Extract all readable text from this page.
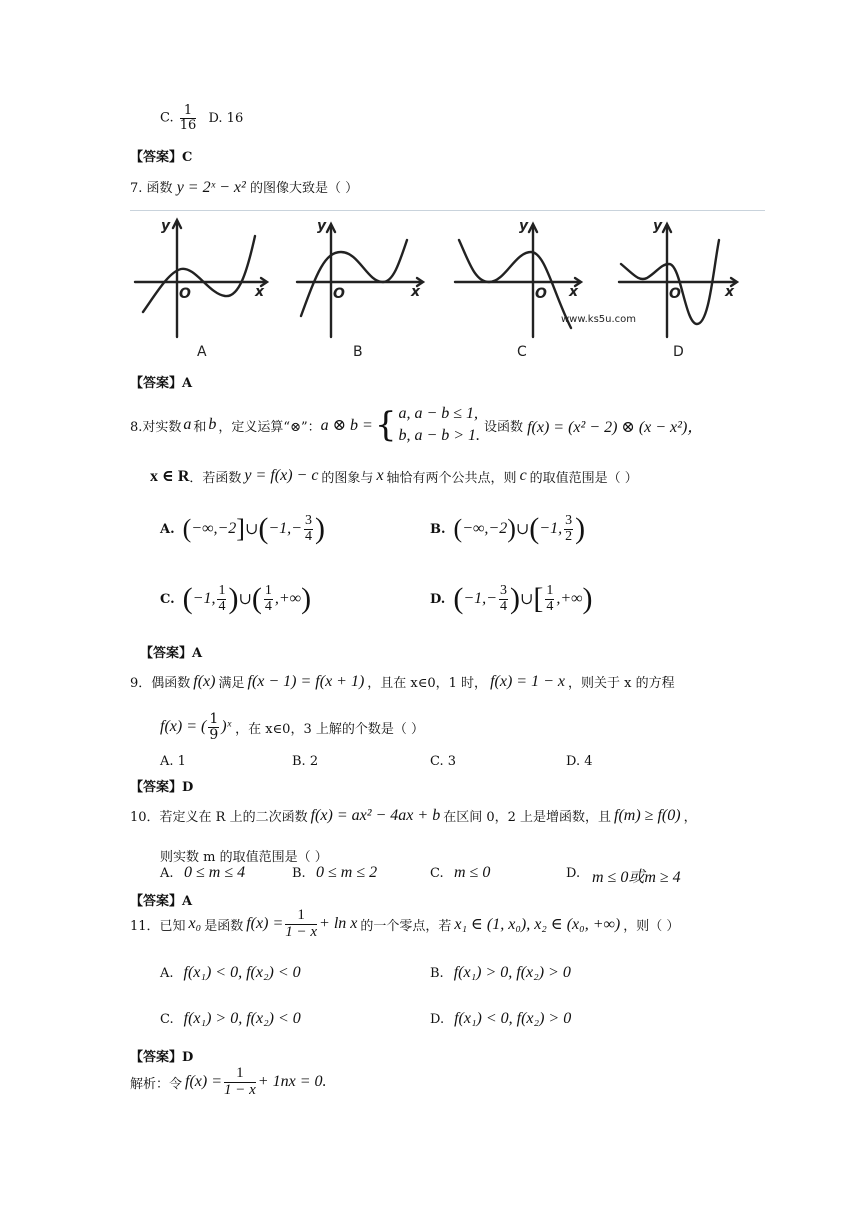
C. $\frac{1}{16} D$. 16
【答案】C
7. 函数 y = 2ˣ − x² 的图像大致是（ ）
y
x
O
y
x
O
y
x
O
y
x
O
www.ks5u.com
A	B	C	D
【答案】A
8.对实数 a 和 b ，定义运算“⊗”： a ⊗ b = { a, a − b ≤ 1,
b, a − b > 1. 设函数 f(x) = (x² − 2) ⊗ (x − x²)，
x ∈ R ．若函数 y = f(x) − c 的图象与 x 轴恰有两个公共点，则 c 的取值范围是（ ）
A. ( −∞,−2 ] ∪ ( $-1,- \frac{3}{4}$ )	B. ( −∞,−2 ) ∪ ( −1, $\frac{3}{2}$ )
C. ( −1, $\frac{1}{4}$ ) ∪ ( $\frac{1}{4}$ ,+∞ )	D. ( $-1,- \frac{3}{4}$ ) ∪ [ $\frac{1}{4}$ ,+∞ )
【答案】A
9．偶函数 f(x) 满足 f(x − 1) = f(x + 1) ，且在 x∈0，1 时， f(x) = 1 − x ，则关于 x 的方程
f(x) = ( $\frac{1}{9}$ )ˣ ，在 x∈0，3 上解的个数是（ ）
A. 1	B. 2	C. 3	D. 4
【答案】D
10．若定义在 R 上的二次函数 f(x) = ax² − 4ax + b 在区间 0，2 上是增函数，且 f(m) ≥ f(0) ，
则实数 m 的取值范围是（ ）
A. 0 ≤ m ≤ 4	B. 0 ≤ m ≤ 2	C. m ≤ 0	D. m ≤ 0或m ≥ 4
【答案】A
11．已知 x₀ 是函数 $f(x) = \frac{1}{1 - x} + \ln x$ 的一个零点，若 x₁ ∈ (1, x₀), x₂ ∈ (x₀, +∞) ，则（ ）
A. f(x₁) < 0, f(x₂) < 0	B. f(x₁) > 0, f(x₂) > 0
C. f(x₁) > 0, f(x₂) < 0	D. f(x₁) < 0, f(x₂) > 0
【答案】D
解析：令 $f(x) = \frac{1}{1 - x} + 1nx = 0$.
